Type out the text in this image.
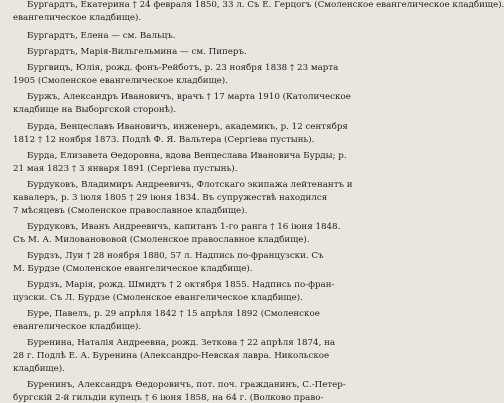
Бургардтъ, Екатерина † 24 февраля 1850, 33 л. Съ Е. Герцогъ (Смоленское евангелическое кладбище).
евангелическое кладбище).
Бургардтъ, Елена — см. Вальцъ.
Бургардтъ, Марія-Вильгельмина — см. Пиперъ.
Бургвицъ, Юлія, рожд. фонъ-Рейботъ, р. 23 ноября 1838 † 23 марта
1905 (Смоленское евангелическое кладбище).
Буржъ, Александръ Ивановичъ, врачъ † 17 марта 1910 (Католическое
кладбище на Выборгской сторонѣ).
Бурда, Венцеславъ Ивановичъ, инженеръ, академикъ, р. 12 сентября
1812 † 12 ноября 1873. Подлѣ Ф. Я. Вальтера (Сергіева пустынь).
Бурда, Елизавета Ѳедоровна, вдова Венцеслава Ивановича Бурды; р.
21 мая 1823 † 3 января 1891 (Сергіева пустынь).
Бурдуковъ, Владимиръ Андреевичъ, Флотскаго экипажа лейтенантъ и
кавалеръ, р. 3 іюля 1805 † 29 іюня 1834. Въ супружествѣ находился
7 мѣсяцевъ (Смоленское православное кладбище).
Бурдуковъ, Иванъ Андреевичъ, капитанъ 1-го ранга † 16 іюня 1848.
Съ М. А. Милованововой (Смоленское православное кладбище).
Бурдзъ, Луи † 28 ноября 1880, 57 л. Надпись по-французски. Съ
М. Бурдзе (Смоленское евангелическое кладбище).
Бурдзъ, Марія, рожд. Шмидтъ † 2 октября 1855. Надпись по-фран-
цузски. Съ Л. Бурдзе (Смоленское евангелическое кладбище).
Буре, Павелъ, р. 29 апрѣля 1842 † 15 апрѣля 1892 (Смоленское
евангелическое кладбище).
Буренина, Наталія Андреевна, рожд. Зеткова † 22 апрѣля 1874, на
28 г. Подлѣ Е. А. Буренина (Александро-Невская лавра. Никольское
кладбище).
Буренинъ, Александръ Ѳедоровичъ, пот. поч. гражданинъ, С.-Петер-
бургскій 2-й гильдіи купецъ † 6 іюня 1858, на 64 г. (Волково право-
